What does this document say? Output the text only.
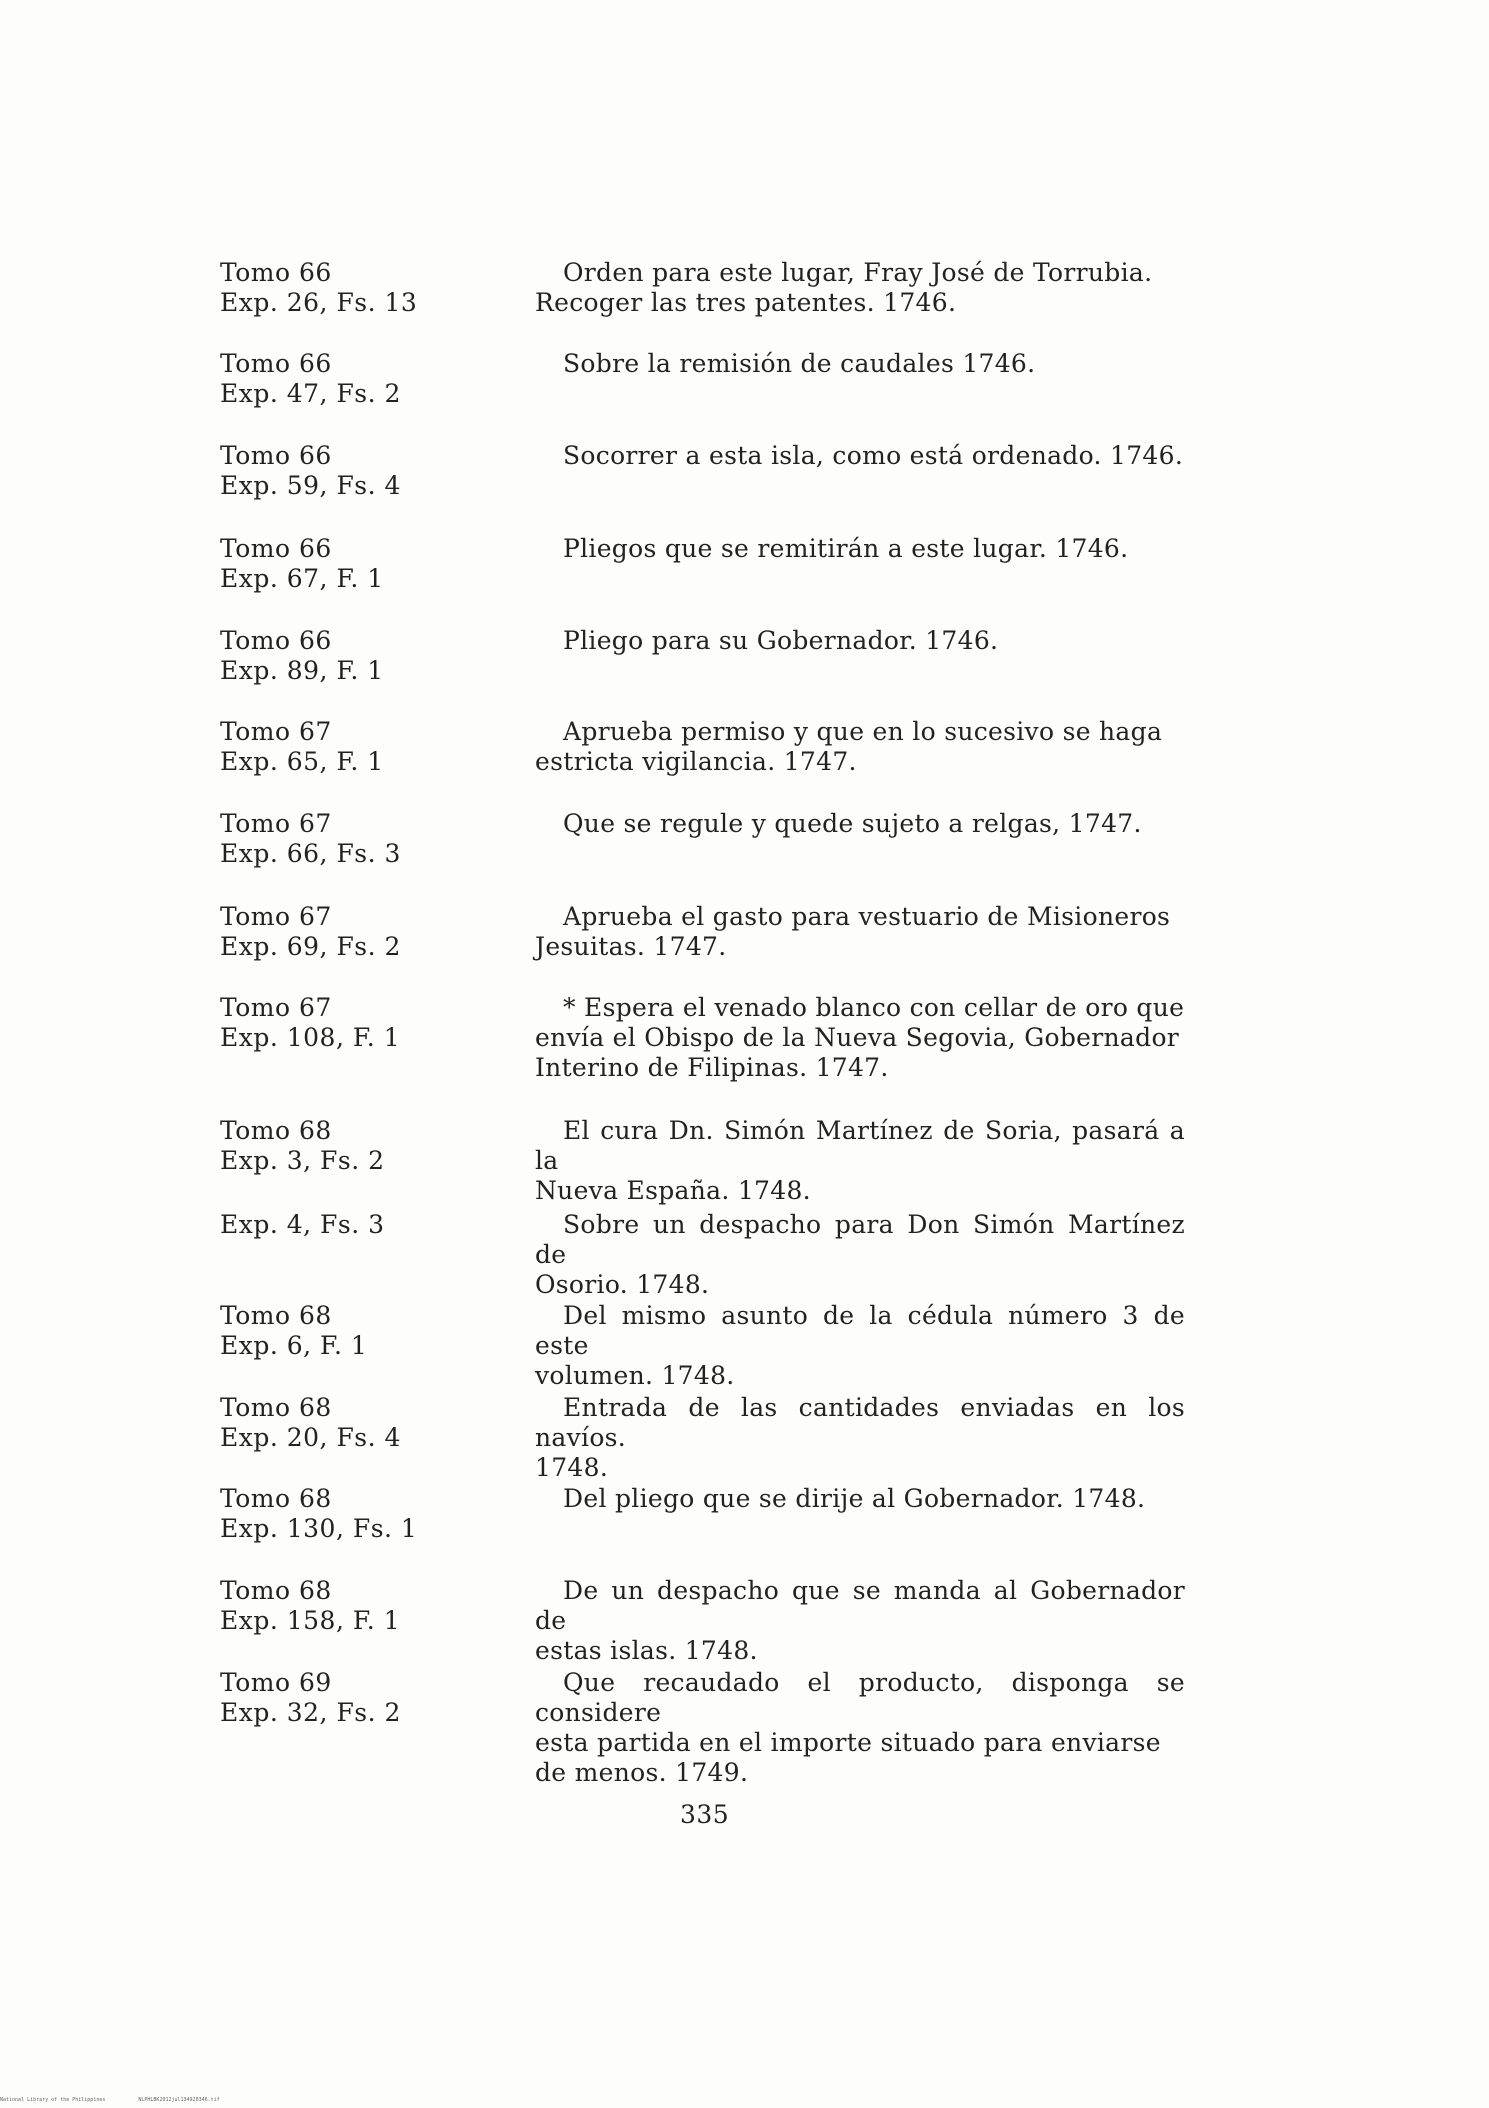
Tomo 66
Exp. 26, Fs. 13
Orden para este lugar, Fray José de Torrubia.
Recoger las tres patentes. 1746.
Tomo 66
Exp. 47, Fs. 2
Sobre la remisión de caudales 1746.
Tomo 66
Exp. 59, Fs. 4
Socorrer a esta isla, como está ordenado. 1746.
Tomo 66
Exp. 67, F. 1
Pliegos que se remitirán a este lugar. 1746.
Tomo 66
Exp. 89, F. 1
Pliego para su Gobernador. 1746.
Tomo 67
Exp. 65, F. 1
Aprueba permiso y que en lo sucesivo se haga
estricta vigilancia. 1747.
Tomo 67
Exp. 66, Fs. 3
Que se regule y quede sujeto a relgas, 1747.
Tomo 67
Exp. 69, Fs. 2
Aprueba el gasto para vestuario de Misioneros
Jesuitas. 1747.
Tomo 67
Exp. 108, F. 1
* Espera el venado blanco con cellar de oro que
envía el Obispo de la Nueva Segovia, Gobernador
Interino de Filipinas. 1747.
Tomo 68
Exp. 3, Fs. 2
El cura Dn. Simón Martínez de Soria, pasará a la
Nueva España. 1748.
Exp. 4, Fs. 3	Sobre un despacho para Don Simón Martínez de
Osorio. 1748.
Tomo 68
Exp. 6, F. 1
Del mismo asunto de la cédula número 3 de este
volumen. 1748.
Tomo 68
Exp. 20, Fs. 4
Entrada de las cantidades enviadas en los navíos.
1748.
Tomo 68
Exp. 130, Fs. 1
Del pliego que se dirije al Gobernador. 1748.
Tomo 68
Exp. 158, F. 1
De un despacho que se manda al Gobernador de
estas islas. 1748.
Tomo 69
Exp. 32, Fs. 2
Que recaudado el producto, disponga se considere
esta partida en el importe situado para enviarse
de menos. 1749.
335
National Library of the Philippines	NLPHLBK2012jul134920346.tif
